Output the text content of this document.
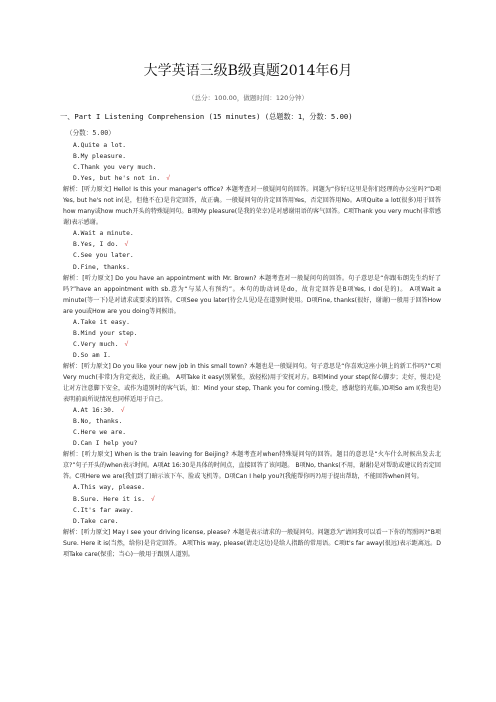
大学英语三级B级真题2014年6月
（总分：100.00，做题时间：120分钟）
一、Part I Listening Comprehension (15 minutes) (总题数：1，分数：5.00)
（分数：5.00）
A.Quite a lot.
B.My pleasure.
C.Thank you very much.
D.Yes, but he's not in. √
解析：[听力原文] Hello! Is this your manager's office? 本题考查对一般疑问句的回答。问题为“你好!这里是你们经理的办公室吗?”D项Yes, but he's not in(是，但他不在)是肯定回答，故正确。一般疑问句的肯定回答用Yes，否定回答用No。A项Quite a lot(很多)用于回答how many或how much开头的特殊疑问句。B项My pleasure(是我的荣幸)是对感谢用语的客气回答。C项Thank you very much(非常感谢)表示感谢。
A.Wait a minute.
B.Yes, I do. √
C.See you later.
D.Fine, thanks.
解析：[听力原文] Do you have an appointment with Mr. Brown? 本题考查对一般疑问句的回答。句子意思是“你跟布朗先生约好了吗?”have an appointment with sb.意为“与某人有预约”。本句的助动词是do，故肯定回答是B项Yes, I do(是的)。 A项Wait a minute(等一下)是对请求或要求的回答。C项See you later(待会儿见)是在道别时使用。D项Fine, thanks(很好，谢谢)一般用于回答How are you或How are you doing等问候语。
A.Take it easy.
B.Mind your step.
C.Very much. √
D.So am I.
解析：[听力原文] Do you like your new job in this small town? 本题也是一般疑问句。句子意思是“你喜欢这座小镇上的新工作吗?”C项Very much(非常)为肯定表达，故正确。 A项Take it easy(别紧张，放轻松)用于安抚对方。B项Mind your step(留心脚步；走好，慢走)是让对方注意脚下安全，或作为道别时的客气话，如：Mind your step, Thank you for coming.(慢走，感谢您的光临。)D项So am I(我也是)表明前面所说情况也同样适用于自己。
A.At 16:30. √
B.No, thanks.
C.Here we are.
D.Can I help you?
解析：[听力原文] When is the train leaving for Beijing? 本题考查对when特殊疑问句的回答。题目的意思是“火车什么时候出发去北京?”句子开头的when表示时间。A项At 16:30是具体的时间点，直接回答了该问题。 B项No, thanks(不用，谢谢)是对帮助或建议的否定回答。C项Here we are(我们到了)暗示该下车、脸或飞机等。D项Can I help you?(我能帮你吗?)用于提出帮助，不能回答when问句。
A.This way, please.
B.Sure. Here it is. √
C.It's far away.
D.Take care.
解析：[听力原文] May I see your driving license, please? 本题是表示请求的一般疑问句。问题意为“请问我可以看一下你的驾照吗?”B项Sure. Here it is(当然，给你)是肯定回答。 A项This way, please(请走这边)是给人指路的常用语。C项It's far away(很远)表示距离远。D项Take care(保重；当心)一般用于跟别人道别。
